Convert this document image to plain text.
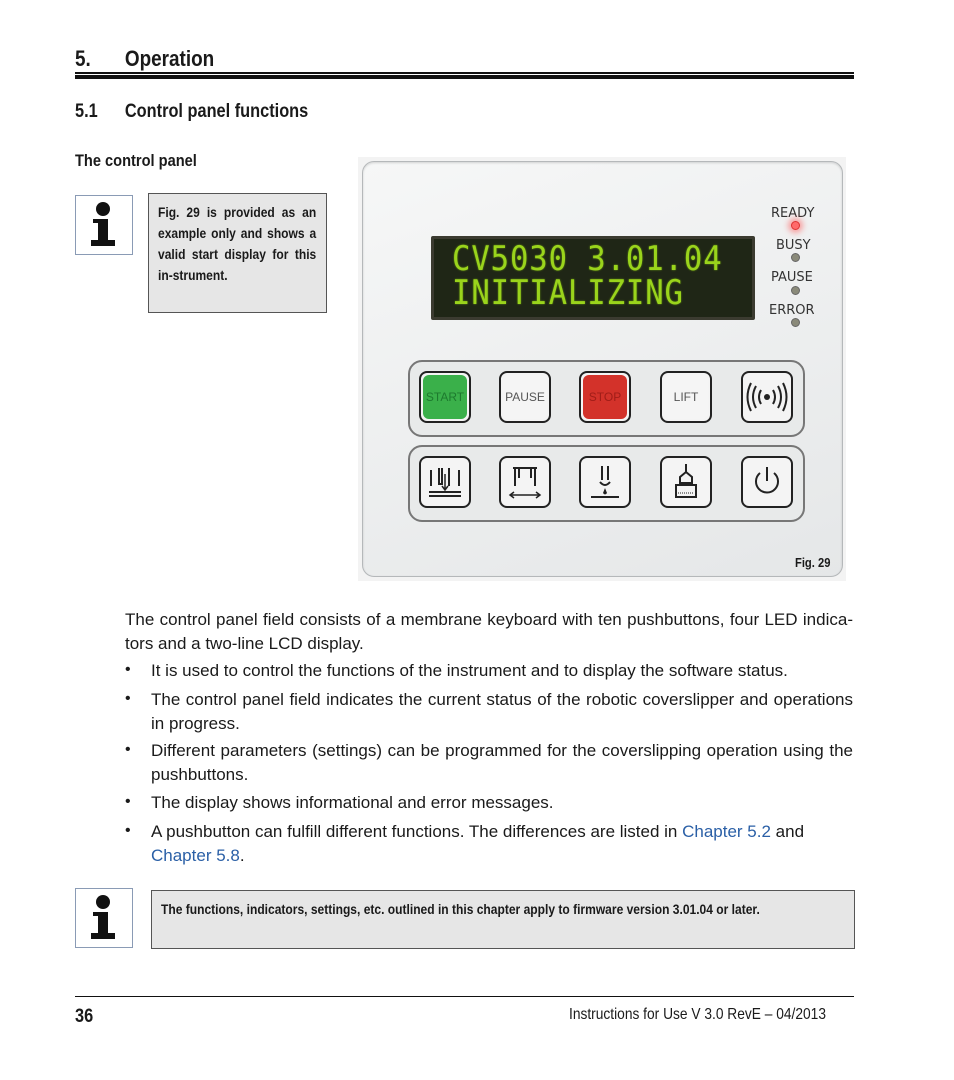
5. Operation
5.1 Control panel functions
The control panel
Fig. 29 is provided as an example only and shows a valid start display for this in-strument.	CV5030 3.01.04
INITIALIZING
READY
BUSY
PAUSE
ERROR
START	PAUSE	STOP	LIFT
Fig. 29
The control panel field consists of a membrane keyboard with ten pushbuttons, four LED indica-tors and a two-line LCD display.
• It is used to control the functions of the instrument and to display the software status.
• The control panel field indicates the current status of the robotic coverslipper and operations in progress.
• Different parameters (settings) can be programmed for the coverslipping operation using the pushbuttons.
• The display shows informational and error messages.
• A pushbutton can fulfill different functions. The differences are listed in Chapter 5.2 and
Chapter 5.8.
The functions, indicators, settings, etc. outlined in this chapter apply to firmware version 3.01.04 or later.
36	Instructions for Use V 3.0 RevE – 04/2013
